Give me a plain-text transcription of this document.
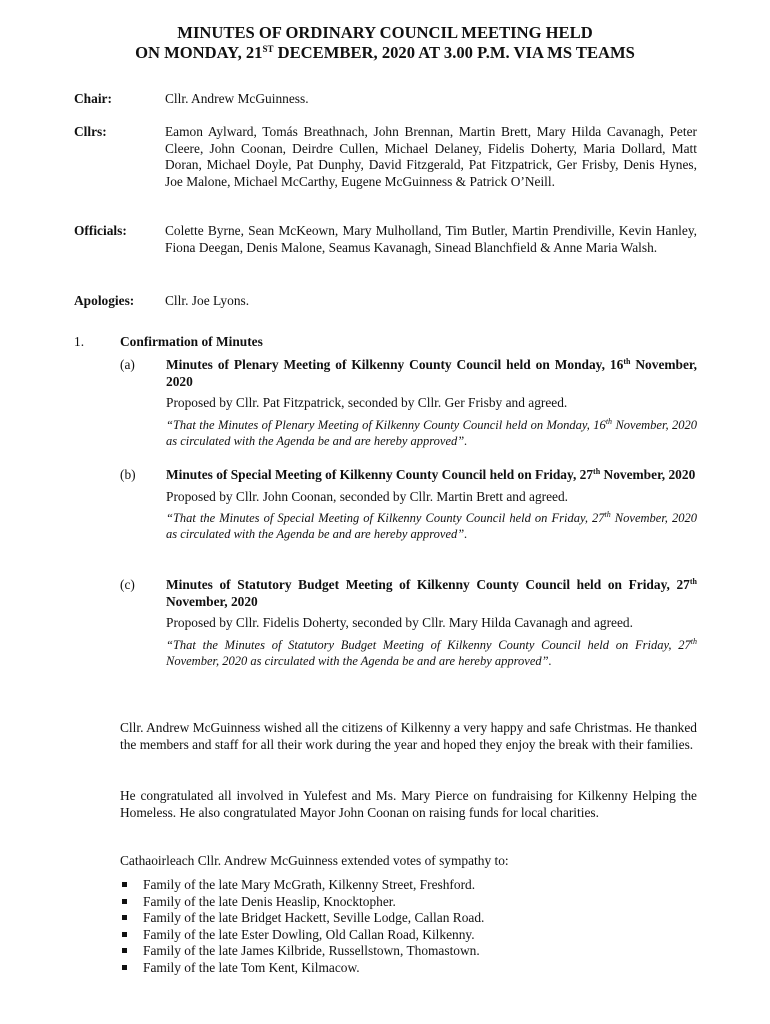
MINUTES OF ORDINARY COUNCIL MEETING HELD
ON MONDAY, 21ST DECEMBER, 2020 AT 3.00 P.M. VIA MS TEAMS
Chair:	Cllr. Andrew McGuinness.
Cllrs:	Eamon Aylward, Tomás Breathnach, John Brennan, Martin Brett, Mary Hilda Cavanagh, Peter Cleere, John Coonan, Deirdre Cullen, Michael Delaney, Fidelis Doherty, Maria Dollard, Matt Doran, Michael Doyle, Pat Dunphy, David Fitzgerald, Pat Fitzpatrick, Ger Frisby, Denis Hynes, Joe Malone, Michael McCarthy, Eugene McGuinness & Patrick O’Neill.
Officials:	Colette Byrne, Sean McKeown, Mary Mulholland, Tim Butler, Martin Prendiville, Kevin Hanley, Fiona Deegan, Denis Malone, Seamus Kavanagh, Sinead Blanchfield & Anne Maria Walsh.
Apologies: Cllr. Joe Lyons.
1.	Confirmation of Minutes
(a) Minutes of Plenary Meeting of Kilkenny County Council held on Monday, 16th November, 2020
Proposed by Cllr. Pat Fitzpatrick, seconded by Cllr. Ger Frisby and agreed.
“That the Minutes of Plenary Meeting of Kilkenny County Council held on Monday, 16th November, 2020 as circulated with the Agenda be and are hereby approved”.
(b) Minutes of Special Meeting of Kilkenny County Council held on Friday, 27th November, 2020
Proposed by Cllr. John Coonan, seconded by Cllr. Martin Brett and agreed.
“That the Minutes of Special Meeting of Kilkenny County Council held on Friday, 27th November, 2020 as circulated with the Agenda be and are hereby approved”.
(c) Minutes of Statutory Budget Meeting of Kilkenny County Council held on Friday, 27th November, 2020
Proposed by Cllr. Fidelis Doherty, seconded by Cllr. Mary Hilda Cavanagh and agreed.
“That the Minutes of Statutory Budget Meeting of Kilkenny County Council held on Friday, 27th November, 2020 as circulated with the Agenda be and are hereby approved”.
Cllr. Andrew McGuinness wished all the citizens of Kilkenny a very happy and safe Christmas. He thanked the members and staff for all their work during the year and hoped they enjoy the break with their families.
He congratulated all involved in Yulefest and Ms. Mary Pierce on fundraising for Kilkenny Helping the Homeless. He also congratulated Mayor John Coonan on raising funds for local charities.
Cathaoirleach Cllr. Andrew McGuinness extended votes of sympathy to:
Family of the late Mary McGrath, Kilkenny Street, Freshford.
Family of the late Denis Heaslip, Knocktopher.
Family of the late Bridget Hackett, Seville Lodge, Callan Road.
Family of the late Ester Dowling, Old Callan Road, Kilkenny.
Family of the late James Kilbride, Russellstown, Thomastown.
Family of the late Tom Kent, Kilmacow.
